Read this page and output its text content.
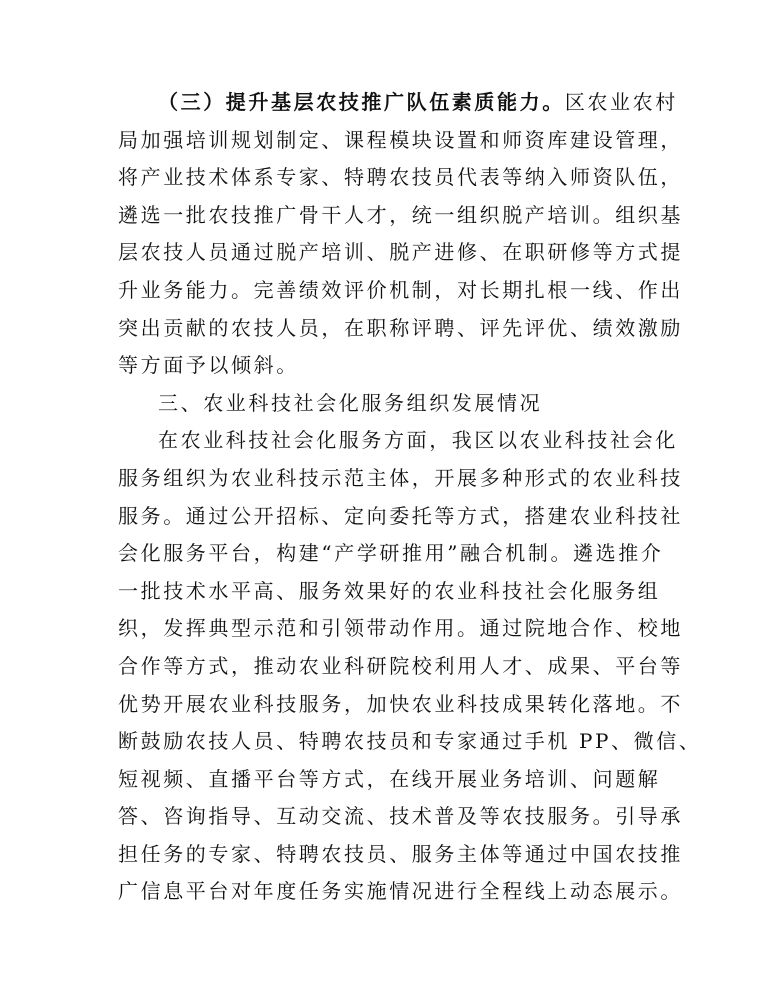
（三）提升基层农技推广队伍素质能力。区农业农村
局加强培训规划制定、课程模块设置和师资库建设管理，
将产业技术体系专家、特聘农技员代表等纳入师资队伍，
遴选一批农技推广骨干人才，统一组织脱产培训。组织基
层农技人员通过脱产培训、脱产进修、在职研修等方式提
升业务能力。完善绩效评价机制，对长期扎根一线、作出
突出贡献的农技人员，在职称评聘、评先评优、绩效激励
等方面予以倾斜。
三、农业科技社会化服务组织发展情况
在农业科技社会化服务方面，我区以农业科技社会化
服务组织为农业科技示范主体，开展多种形式的农业科技
服务。通过公开招标、定向委托等方式，搭建农业科技社
会化服务平台，构建“产学研推用”融合机制。遴选推介
一批技术水平高、服务效果好的农业科技社会化服务组
织，发挥典型示范和引领带动作用。通过院地合作、校地
合作等方式，推动农业科研院校利用人才、成果、平台等
优势开展农业科技服务，加快农业科技成果转化落地。不
断鼓励农技人员、特聘农技员和专家通过手机 PP、微信、
短视频、直播平台等方式，在线开展业务培训、问题解
答、咨询指导、互动交流、技术普及等农技服务。引导承
担任务的专家、特聘农技员、服务主体等通过中国农技推
广信息平台对年度任务实施情况进行全程线上动态展示。
